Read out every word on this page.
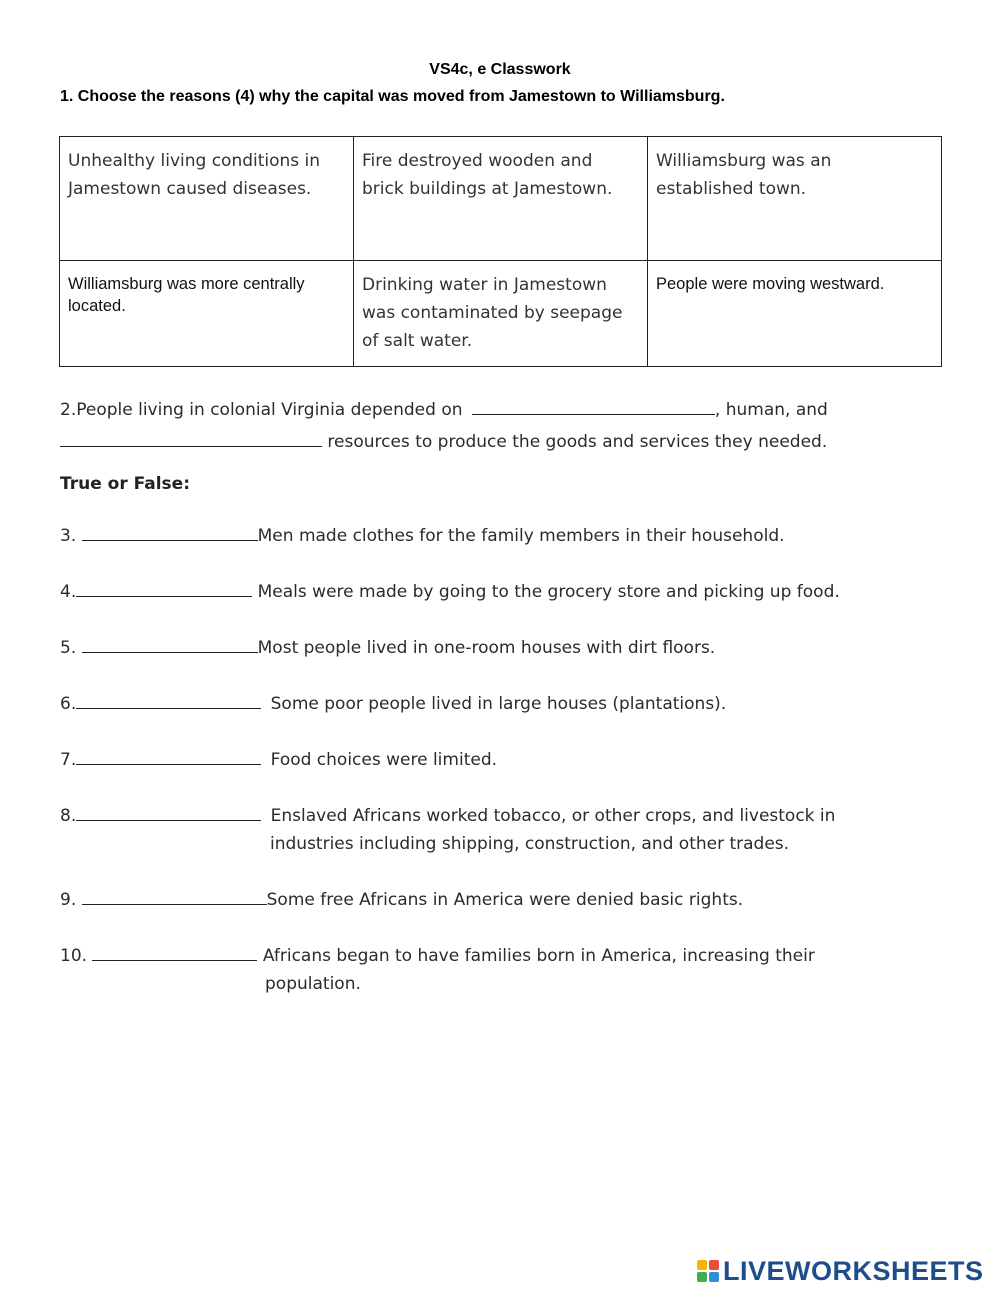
VS4c, e Classwork
1. Choose the reasons (4) why the capital was moved from Jamestown to Williamsburg.
Unhealthy living conditions in Jamestown caused diseases.	Fire destroyed wooden and brick buildings at Jamestown.	Williamsburg was an established town.
Williamsburg was more centrally located.	Drinking water in Jamestown was contaminated by seepage of salt water.	People were moving westward.
2.People living in colonial Virginia depended on	, human, and
resources to produce the goods and services they needed.
True or False:
3.	Men made clothes for the family members in their household.
4.	Meals were made by going to the grocery store and picking up food.
5.	Most people lived in one-room houses with dirt floors.
6.	Some poor people lived in large houses (plantations).
7.	Food choices were limited.
8.	Enslaved Africans worked tobacco, or other crops, and livestock in
industries including shipping, construction, and other trades.
9.	Some free Africans in America were denied basic rights.
10.	Africans began to have families born in America, increasing their
population.
LIVEWORKSHEETS
